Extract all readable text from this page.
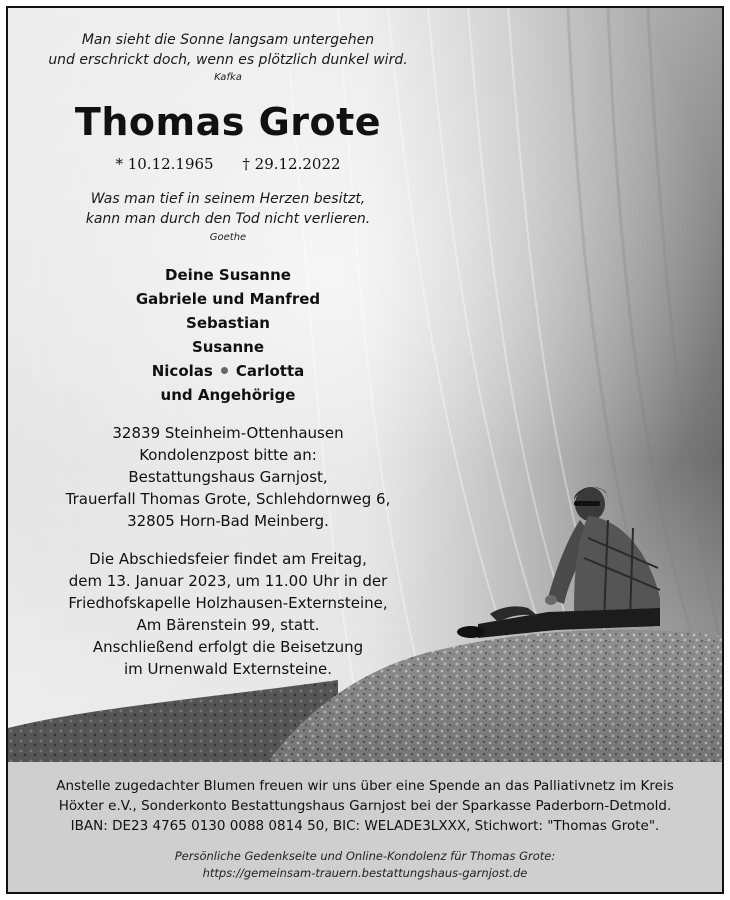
Man sieht die Sonne langsam untergehen
und erschrickt doch, wenn es plötzlich dunkel wird.
Kafka
Thomas Grote
* 10.12.1965 † 29.12.2022
Was man tief in seinem Herzen besitzt,
kann man durch den Tod nicht verlieren.
Goethe
Deine Susanne
Gabriele und Manfred
Sebastian
Susanne
Nicolas Carlotta
und Angehörige
32839 Steinheim-Ottenhausen
Kondolenzpost bitte an:
Bestattungshaus Garnjost,
Trauerfall Thomas Grote, Schlehdornweg 6,
32805 Horn-Bad Meinberg.
Die Abschiedsfeier findet am Freitag,
dem 13. Januar 2023, um 11.00 Uhr in der
Friedhofskapelle Holzhausen-Externsteine,
Am Bärenstein 99, statt.
Anschließend erfolgt die Beisetzung
im Urnenwald Externsteine.
Anstelle zugedachter Blumen freuen wir uns über eine Spende an das Palliativnetz im Kreis
Höxter e.V., Sonderkonto Bestattungshaus Garnjost bei der Sparkasse Paderborn-Detmold.
IBAN: DE23 4765 0130 0088 0814 50, BIC: WELADE3LXXX, Stichwort: "Thomas Grote".
Persönliche Gedenkseite und Online-Kondolenz für Thomas Grote:
https://gemeinsam-trauern.bestattungshaus-garnjost.de
